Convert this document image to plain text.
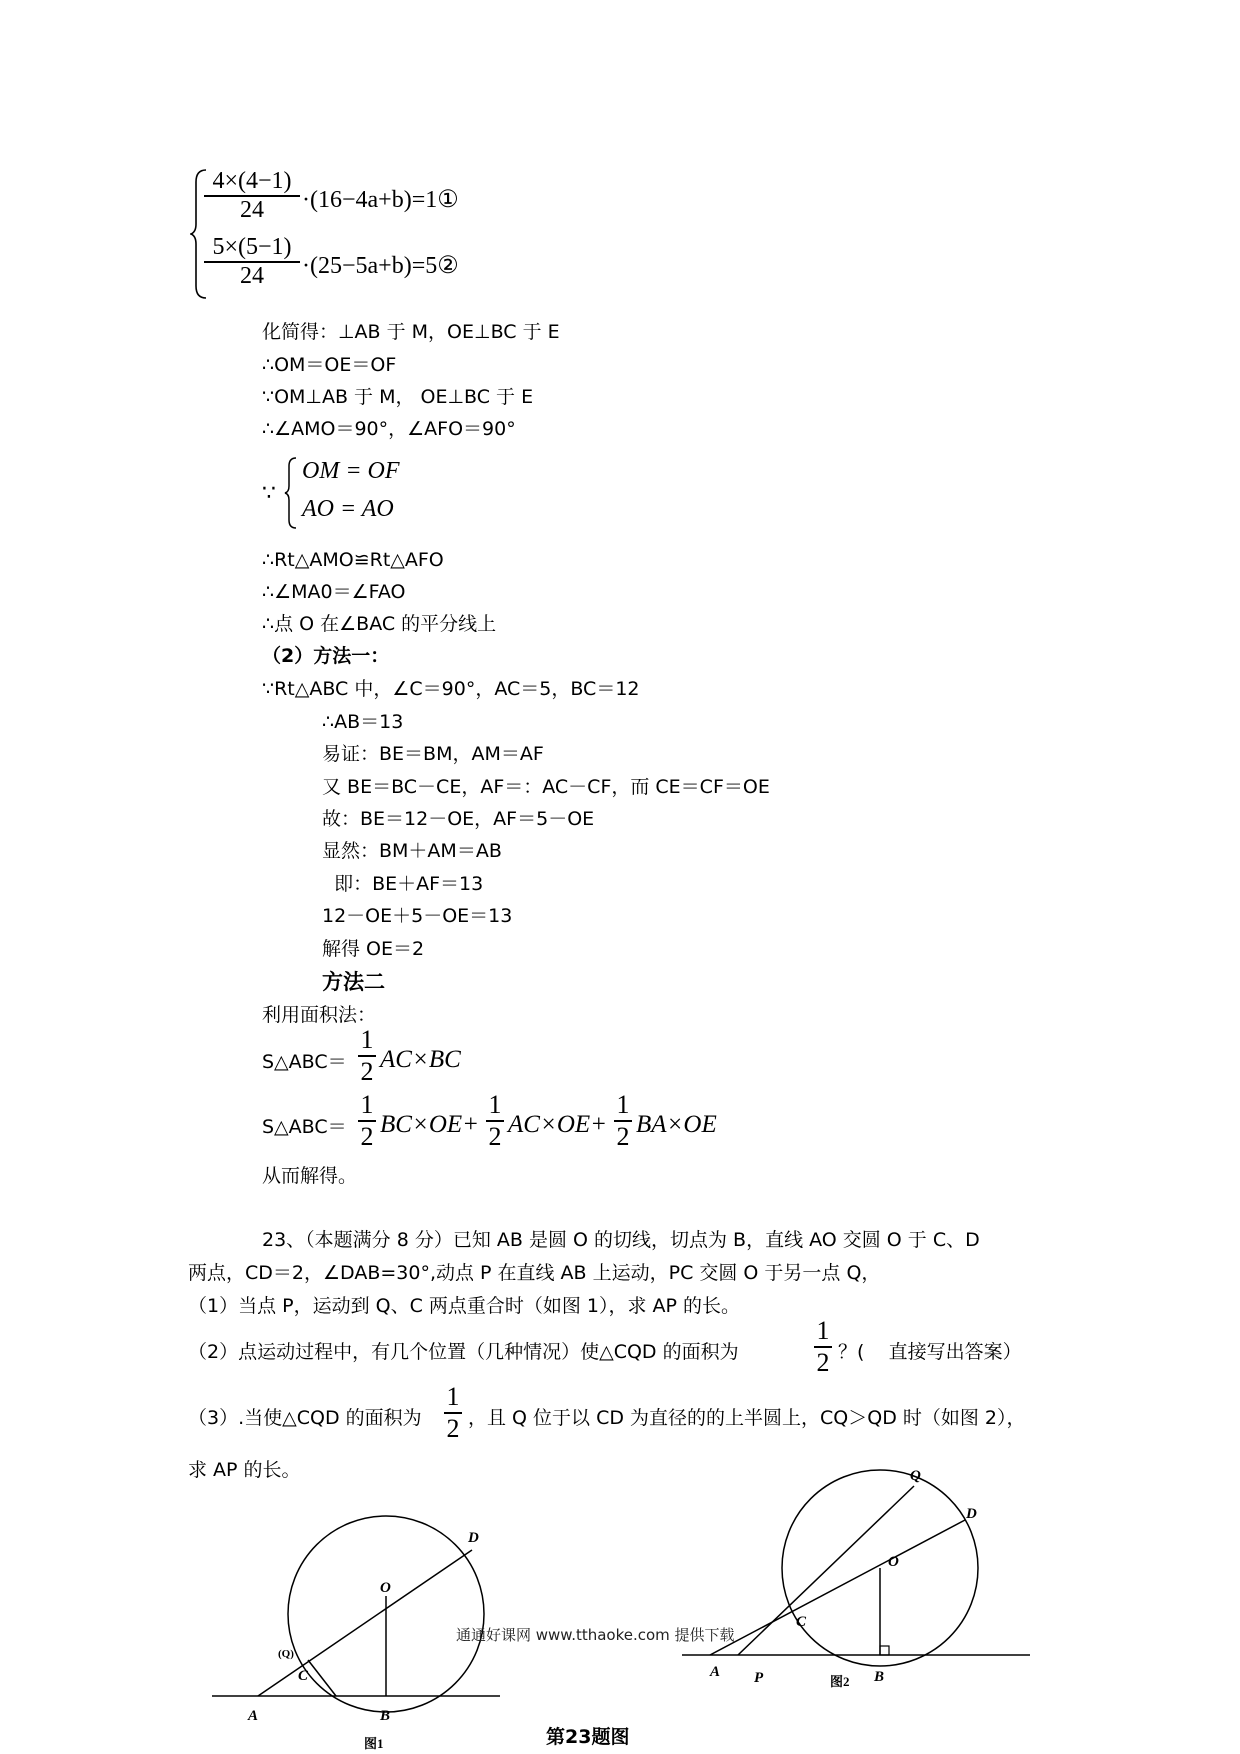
$\frac{4\times(4-1)}{24}$ ·(16−4a+b)=1①
$\frac{5\times(5-1)}{24}$ ·(25−5a+b)=5②
化简得：⊥AB 于 M，OE⊥BC 于 E
∴OM＝OE＝OF
∵OM⊥AB 于 M， OE⊥BC 于 E
∴∠AMO＝90°，∠AFO＝90°
∵
OM = OF
AO = AO
∴Rt△AMO≌Rt△AFO
∴∠MA0＝∠FAO
∴点 O 在∠BAC 的平分线上
（2）方法一：
∵Rt△ABC 中，∠C＝90°，AC＝5，BC＝12
∴AB＝13
易证：BE＝BM，AM＝AF
又 BE＝BC－CE，AF＝：AC－CF，而 CE＝CF＝OE
故：BE＝12－OE，AF＝5－OE
显然：BM＋AM＝AB
即：BE＋AF＝13
12－OE＋5－OE＝13
解得 OE＝2
方法二
利用面积法：
S△ABC＝ $\frac{1}{2} AC\times BC$
S△ABC＝ $\frac{1}{2} BC\times OE+ \frac{1}{2} AC\times OE+ \frac{1}{2} BA\times OE$
从而解得。
23、（本题满分 8 分）已知 AB 是圆 O 的切线，切点为 B，直线 AO 交圆 O 于 C、D
两点，CD＝2，∠DAB=30°,动点 P 在直线 AB 上运动，PC 交圆 O 于另一点 Q，
（1）当点 P，运动到 Q、C 两点重合时（如图 1），求 AP 的长。
（2）点运动过程中，有几个位置（几种情况）使△CQD 的面积为	$\frac{1}{2}$ ？(    直接写出答案）
（3）.当使△CQD 的面积为 $\frac{1}{2}$ ，且 Q 位于以 CD 为直径的的上半圆上，CQ＞QD 时（如图 2），
求 AP 的长。
A	B
C
D
O
(Q)
图1
A P	B
C
D
O
Q
图2
通通好课网 www.tthaoke.com 提供下载
第23题图
